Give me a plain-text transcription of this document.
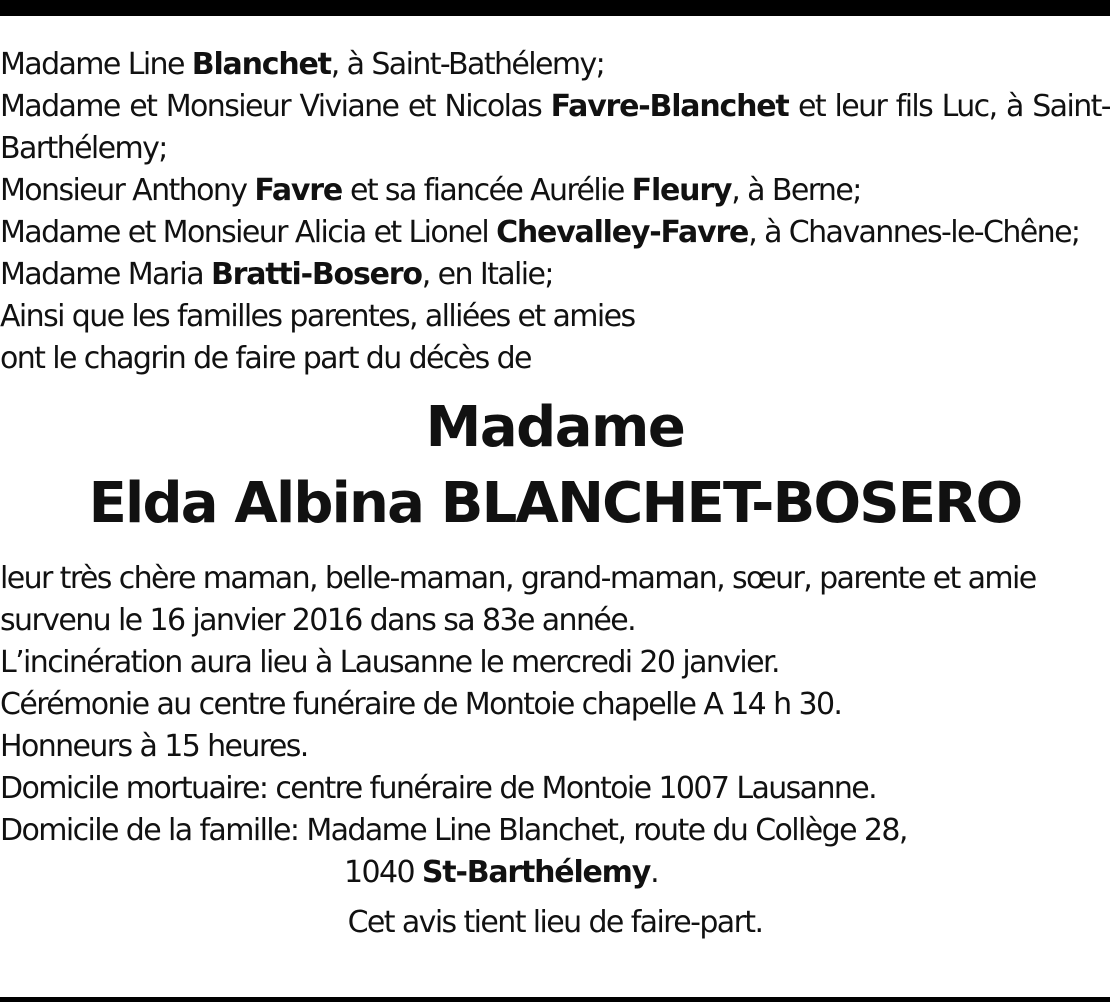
Madame Line Blanchet, à Saint-Bathélemy;
Madame et Monsieur Viviane et Nicolas Favre-Blanchet et leur fils Luc, à Saint-Barthélemy;
Monsieur Anthony Favre et sa fiancée Aurélie Fleury, à Berne;
Madame et Monsieur Alicia et Lionel Chevalley-Favre, à Chavannes-le-Chêne;
Madame Maria Bratti-Bosero, en Italie;
Ainsi que les familles parentes, alliées et amies
ont le chagrin de faire part du décès de
Madame
Elda Albina BLANCHET-BOSERO
leur très chère maman, belle-maman, grand-maman, sœur, parente et amie
survenu le 16 janvier 2016 dans sa 83e année.
L’incinération aura lieu à Lausanne le mercredi 20 janvier.
Cérémonie au centre funéraire de Montoie chapelle A 14 h 30.
Honneurs à 15 heures.
Domicile mortuaire: centre funéraire de Montoie 1007 Lausanne.
Domicile de la famille: Madame Line Blanchet, route du Collège 28,
1040 St-Barthélemy.
Cet avis tient lieu de faire-part.
